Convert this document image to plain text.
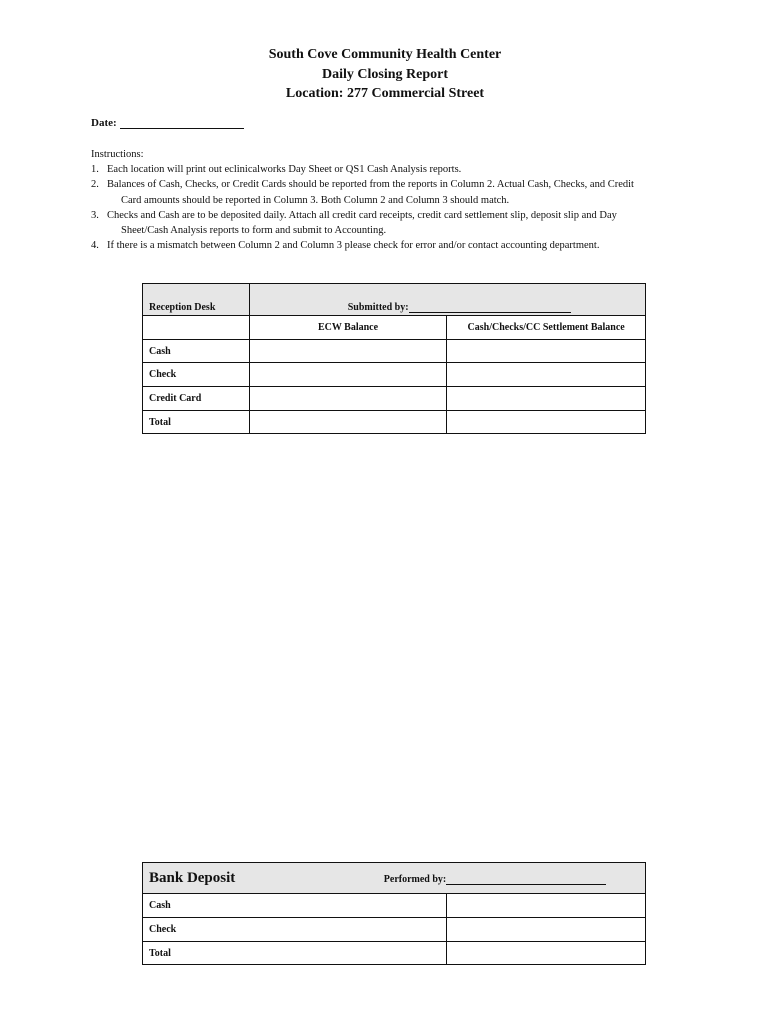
South Cove Community Health Center
Daily Closing Report
Location: 277 Commercial Street
Date:
Instructions:
1. Each location will print out eclinicalworks Day Sheet or QS1 Cash Analysis reports.
2. Balances of Cash, Checks, or Credit Cards should be reported from the reports in Column 2. Actual Cash, Checks, and Credit
Card amounts should be reported in Column 3. Both Column 2 and Column 3 should match.
3. Checks and Cash are to be deposited daily. Attach all credit card receipts, credit card settlement slip, deposit slip and Day
Sheet/Cash Analysis reports to form and submit to Accounting.
4. If there is a mismatch between Column 2 and Column 3 please check for error and/or contact accounting department.
Reception Desk	Submitted by:	
	ECW Balance	Cash/Checks/CC Settlement Balance
Cash		
Check		
Credit Card		
Total		
Bank Deposit Performed by:	
Cash	
Check	
Total	
